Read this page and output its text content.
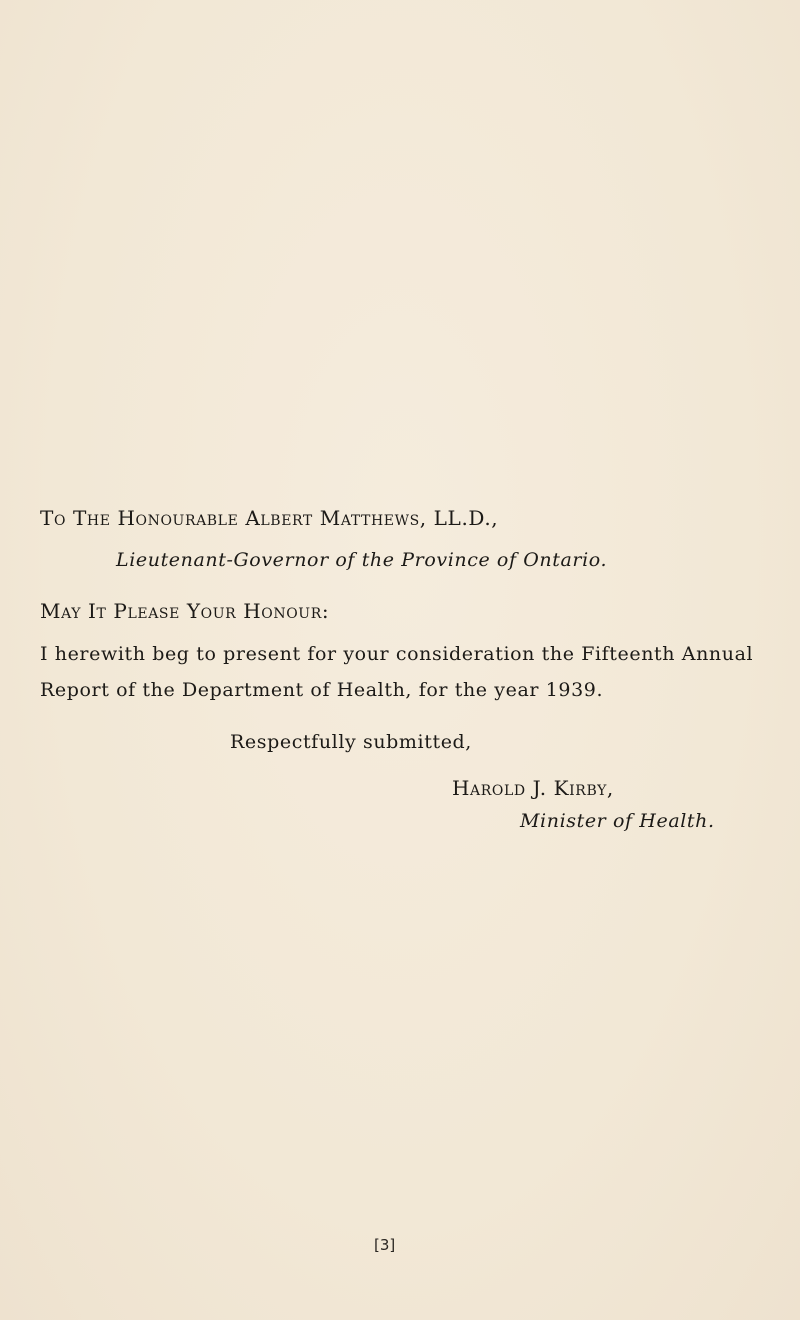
To The Honourable Albert Matthews, LL.D.,
Lieutenant-Governor of the Province of Ontario.
May It Please Your Honour:
I herewith beg to present for your consideration the Fifteenth Annual
Report of the Department of Health, for the year 1939.
Respectfully submitted,
Harold J. Kirby,
Minister of Health.
[3]
